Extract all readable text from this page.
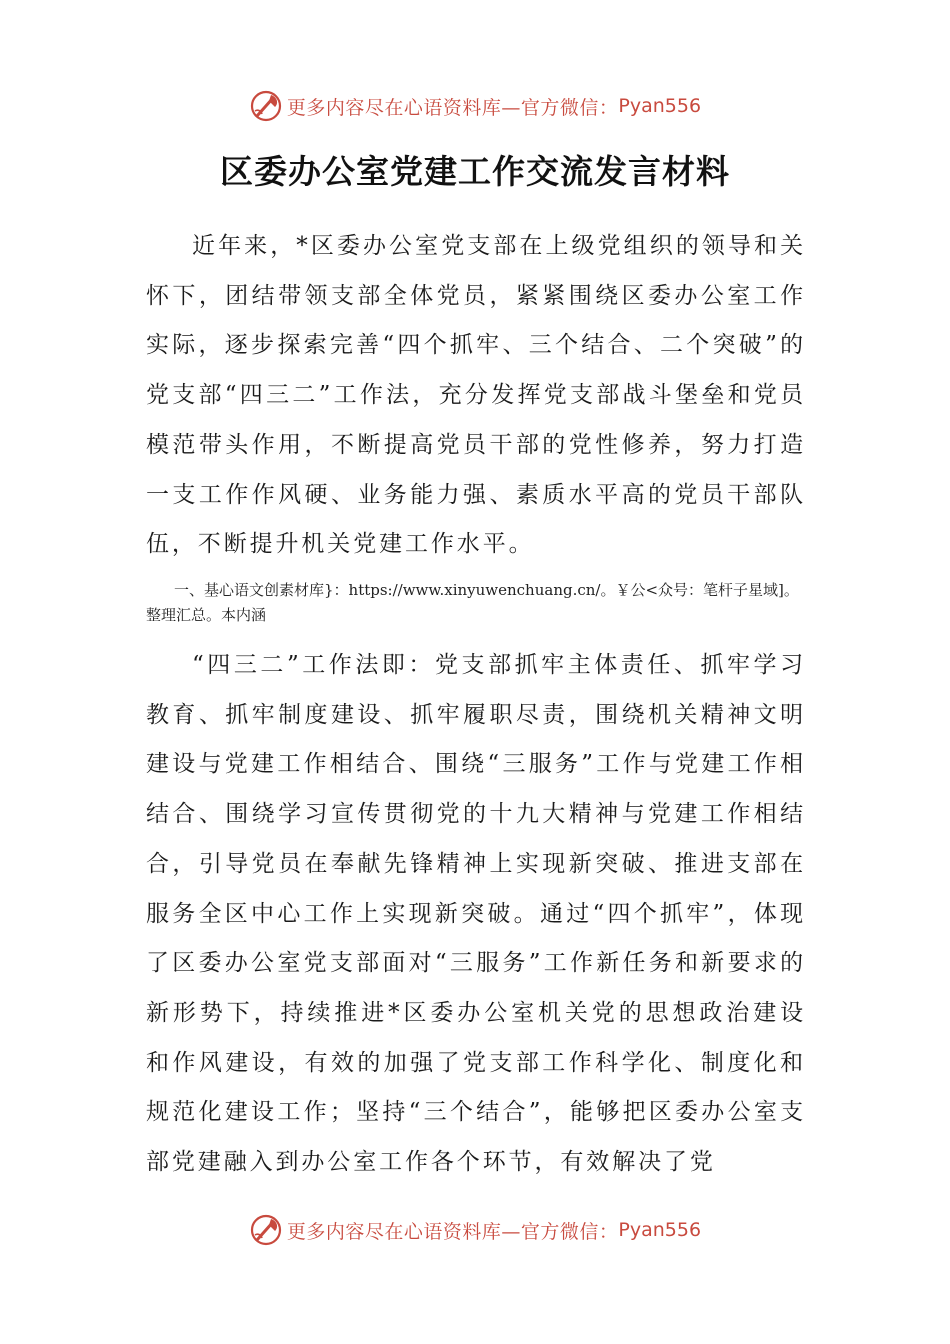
更多内容尽在心语资料库—官方微信： Pyan556
区委办公室党建工作交流发言材料

近年来，*区委办公室党支部在上级党组织的领导和关怀下，团结带领支部全体党员，紧紧围绕区委办公室工作实际，逐步探索完善“四个抓牢、三个结合、二个突破”的党支部“四三二”工作法，充分发挥党支部战斗堡垒和党员模范带头作用，不断提高党员干部的党性修养，努力打造一支工作作风硬、业务能力强、素质水平高的党员干部队伍，不断提升机关党建工作水平。

一、基心语文创素材库}：https://www.xinyuwenchuang.cn/。￥公<众号：笔杆子星域]。整理汇总。本内涵

“四三二”工作法即：党支部抓牢主体责任、抓牢学习教育、抓牢制度建设、抓牢履职尽责，围绕机关精神文明建设与党建工作相结合、围绕“三服务”工作与党建工作相结合、围绕学习宣传贯彻党的十九大精神与党建工作相结合，引导党员在奉献先锋精神上实现新突破、推进支部在服务全区中心工作上实现新突破。通过“四个抓牢”，体现了区委办公室党支部面对“三服务”工作新任务和新要求的新形势下，持续推进*区委办公室机关党的思想政治建设和作风建设，有效的加强了党支部工作科学化、制度化和规范化建设工作；坚持“三个结合”，能够把区委办公室支部党建融入到办公室工作各个环节，有效解决了党

更多内容尽在心语资料库—官方微信： Pyan556
